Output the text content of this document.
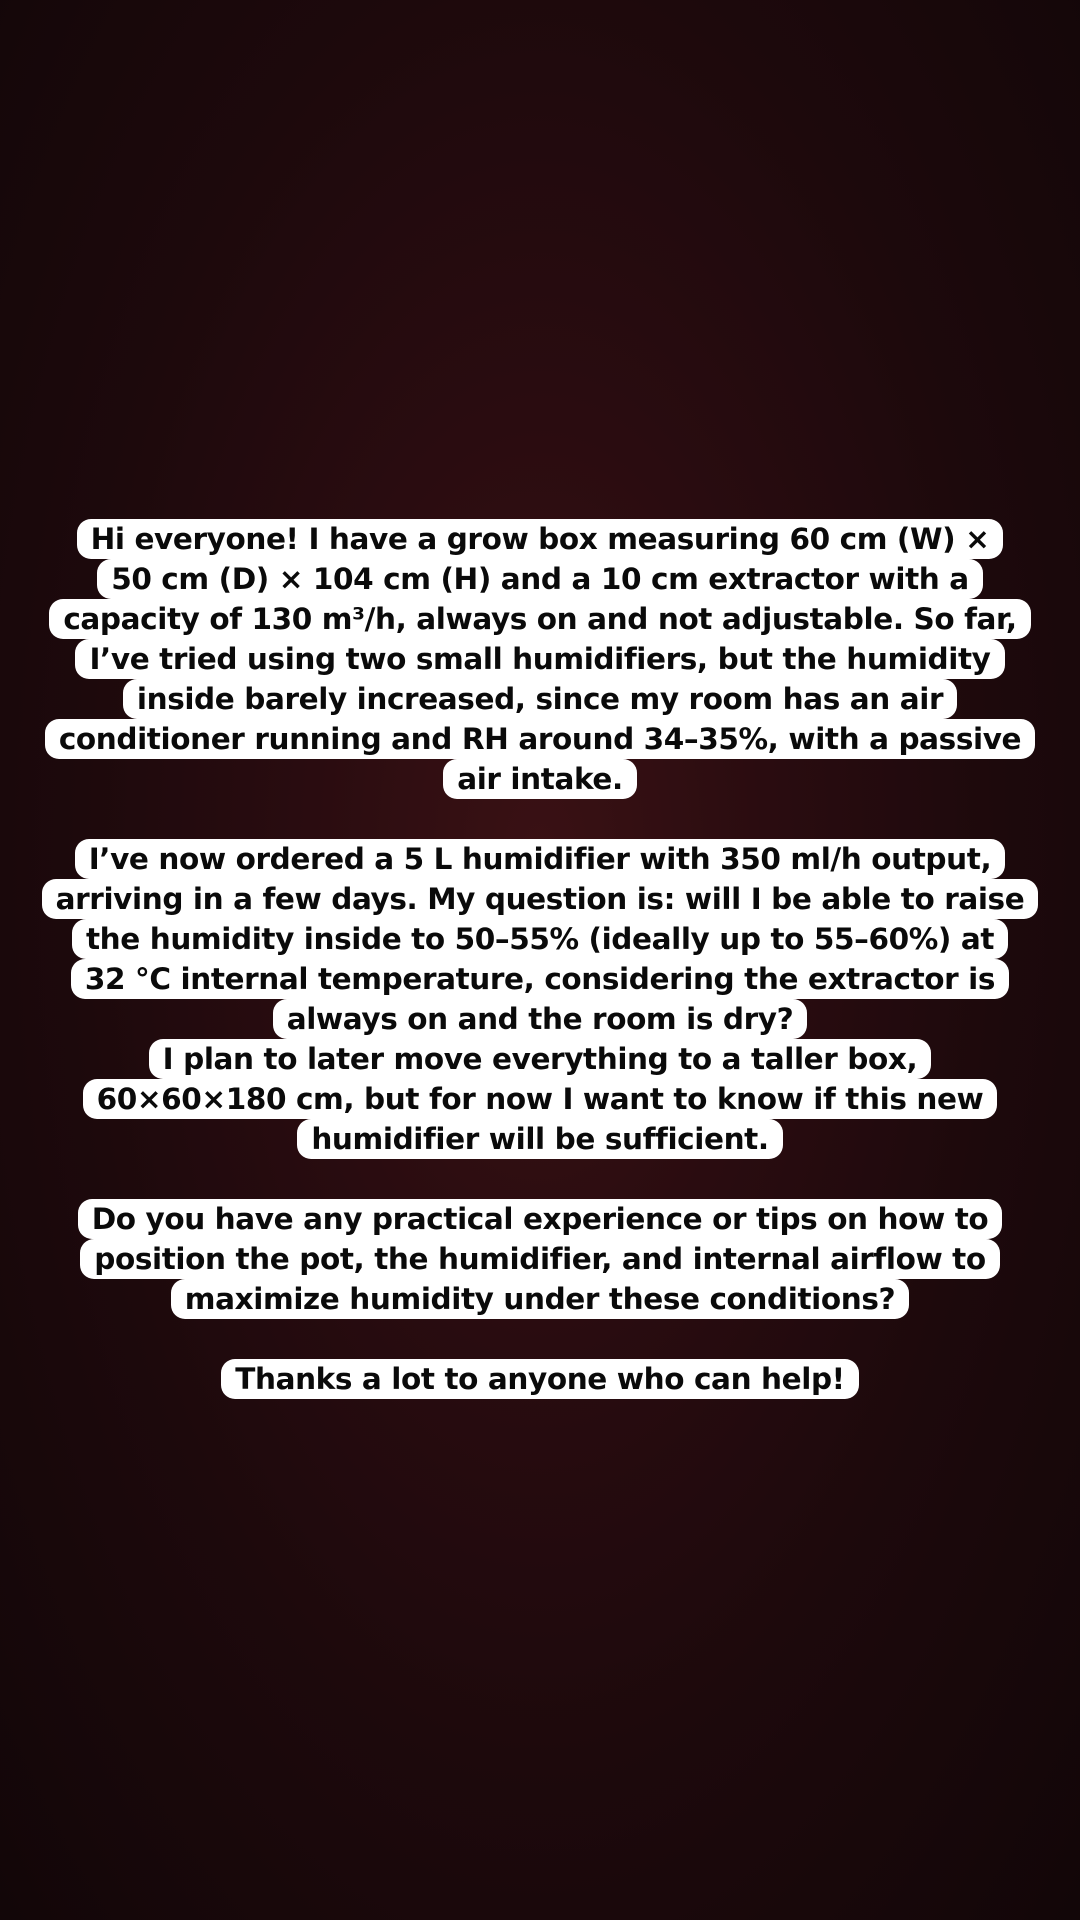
Hi everyone! I have a grow box measuring 60 cm (W) ×
50 cm (D) × 104 cm (H) and a 10 cm extractor with a
capacity of 130 m³/h, always on and not adjustable. So far,
I’ve tried using two small humidifiers, but the humidity
inside barely increased, since my room has an air
conditioner running and RH around 34–35%, with a passive
air intake.
I’ve now ordered a 5 L humidifier with 350 ml/h output,
arriving in a few days. My question is: will I be able to raise
the humidity inside to 50–55% (ideally up to 55–60%) at
32 °C internal temperature, considering the extractor is
always on and the room is dry?
I plan to later move everything to a taller box,
60×60×180 cm, but for now I want to know if this new
humidifier will be sufficient.
Do you have any practical experience or tips on how to
position the pot, the humidifier, and internal airflow to
maximize humidity under these conditions?
Thanks a lot to anyone who can help!
